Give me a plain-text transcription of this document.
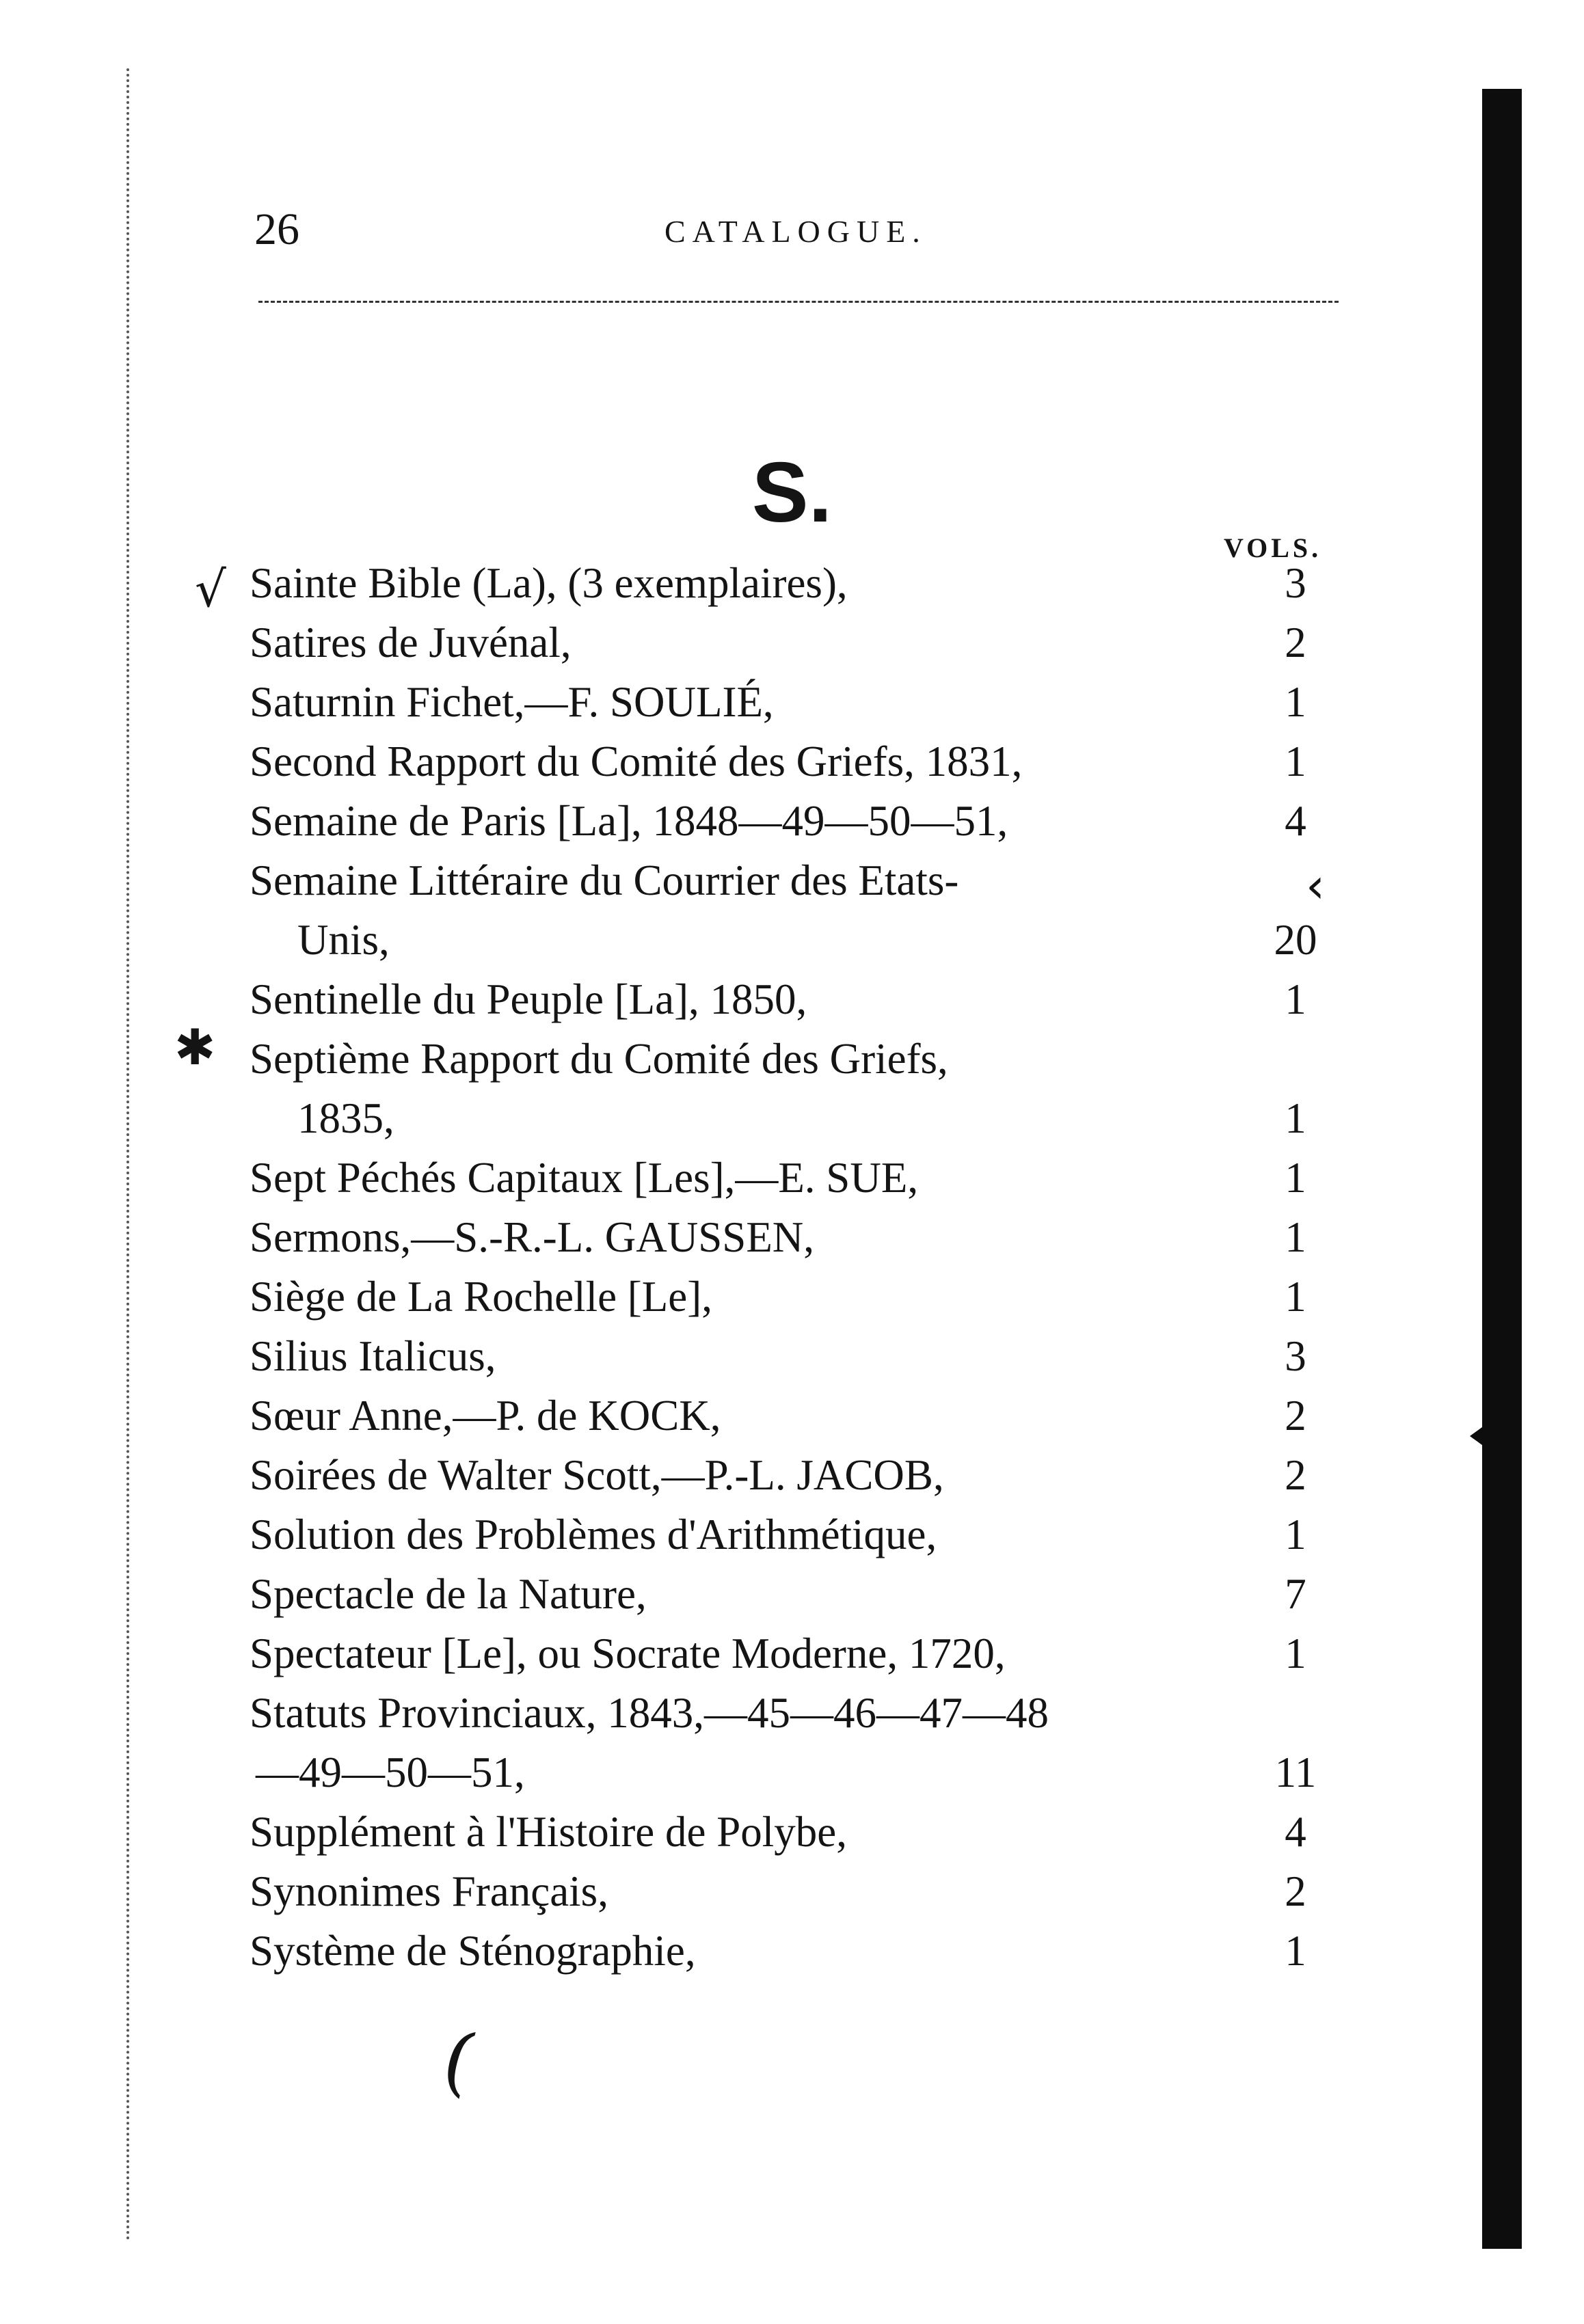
26	CATALOGUE.
S.
VOLS.
Sainte Bible (La), (3 exemplaires),	3
Satires de Juvénal,	2
Saturnin Fichet,—F. SOULIÉ,	1
Second Rapport du Comité des Griefs, 1831,	1
Semaine de Paris [La], 1848—49—50—51,	4
Semaine Littéraire du Courrier des Etats-
Unis,	20
Sentinelle du Peuple [La], 1850,	1
Septième Rapport du Comité des Griefs,
1835,	1
Sept Péchés Capitaux [Les],—E. SUE,	1
Sermons,—S.-R.-L. GAUSSEN,	1
Siège de La Rochelle [Le],	1
Silius Italicus,	3
Sœur Anne,—P. de KOCK,	2
Soirées de Walter Scott,—P.-L. JACOB,	2
Solution des Problèmes d'Arithmétique,	1
Spectacle de la Nature,	7
Spectateur [Le], ou Socrate Moderne, 1720,	1
Statuts Provinciaux, 1843,—45—46—47—48
—49—50—51,	11
Supplément à l'Histoire de Polybe,	4
Synonimes Français,	2
Système de Sténographie,	1
√
✱
‹
(
